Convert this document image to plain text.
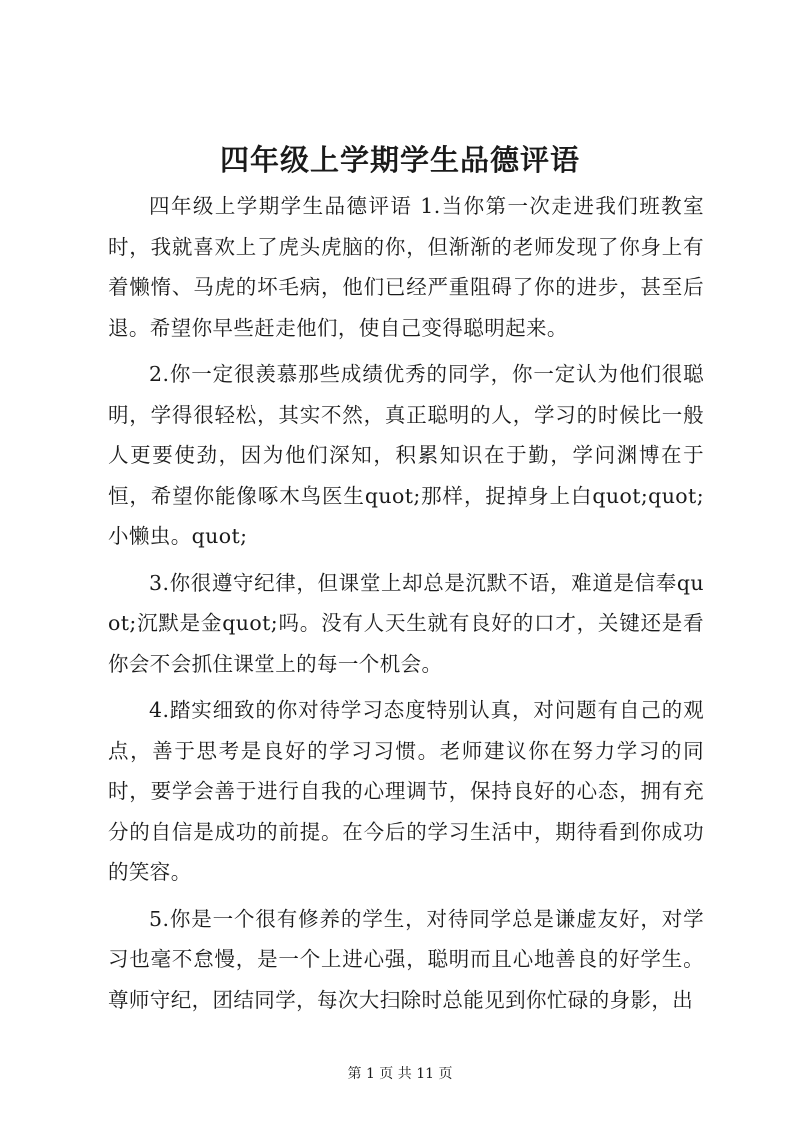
四年级上学期学生品德评语

四年级上学期学生品德评语 1.当你第一次走进我们班教室时，我就喜欢上了虎头虎脑的你，但渐渐的老师发现了你身上有着懒惰、马虎的坏毛病，他们已经严重阻碍了你的进步，甚至后退。希望你早些赶走他们，使自己变得聪明起来。

2.你一定很羡慕那些成绩优秀的同学，你一定认为他们很聪明，学得很轻松，其实不然，真正聪明的人，学习的时候比一般人更要使劲，因为他们深知，积累知识在于勤，学问渊博在于恒，希望你能像啄木鸟医生quot;那样，捉掉身上白quot;quot;小懒虫。quot;

3.你很遵守纪律，但课堂上却总是沉默不语，难道是信奉quot;沉默是金quot;吗。没有人天生就有良好的口才，关键还是看你会不会抓住课堂上的每一个机会。

4.踏实细致的你对待学习态度特别认真，对问题有自己的观点，善于思考是良好的学习习惯。老师建议你在努力学习的同时，要学会善于进行自我的心理调节，保持良好的心态，拥有充分的自信是成功的前提。在今后的学习生活中，期待看到你成功的笑容。

5.你是一个很有修养的学生，对待同学总是谦虚友好，对学习也毫不怠慢，是一个上进心强，聪明而且心地善良的好学生。尊师守纪，团结同学，每次大扫除时总能见到你忙碌的身影，出

第 1 页 共 11 页
